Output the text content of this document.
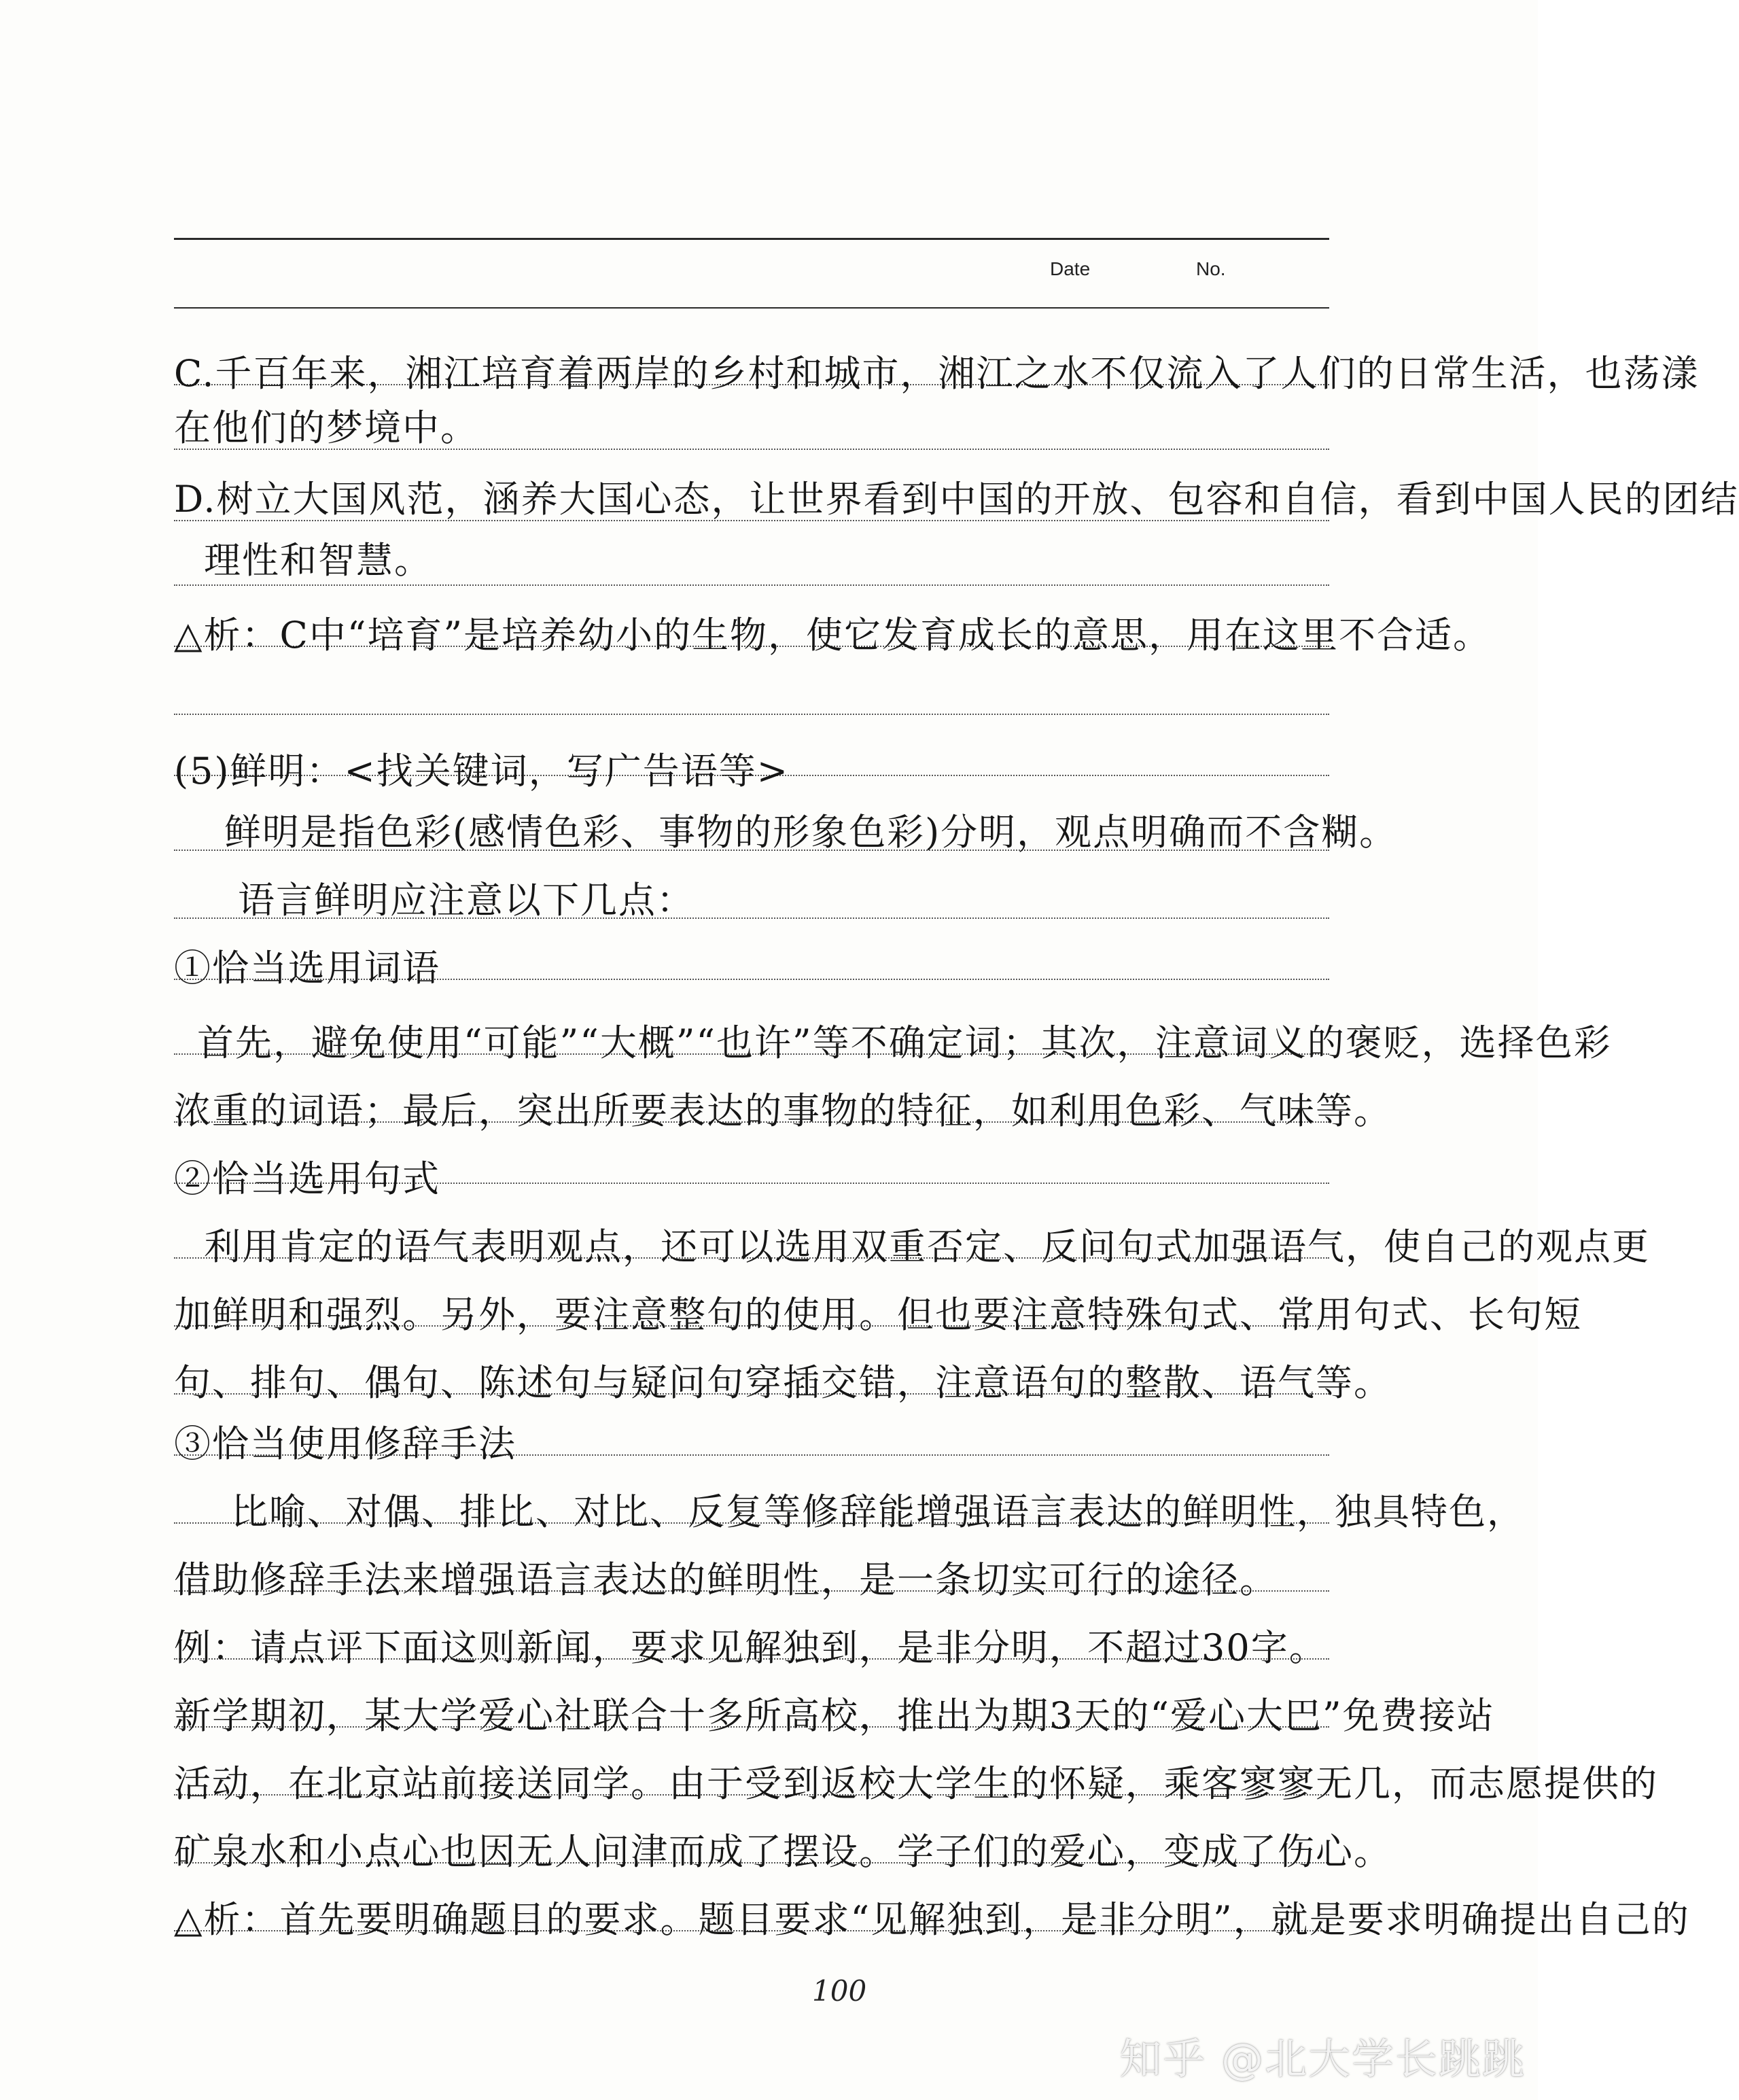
Date	No.
C.千百年来，湘江培育着两岸的乡村和城市，湘江之水不仅流入了人们的日常生活，也荡漾
在他们的梦境中。
D.树立大国风范，涵养大国心态，让世界看到中国的开放、包容和自信，看到中国人民的团结
理性和智慧。
△析：C中“培育”是培养幼小的生物，使它发育成长的意思，用在这里不合适。
(5)鲜明：<找关键词，写广告语等>
鲜明是指色彩(感情色彩、事物的形象色彩)分明，观点明确而不含糊。
语言鲜明应注意以下几点：
①恰当选用词语
首先，避免使用“可能”“大概”“也许”等不确定词；其次，注意词义的褒贬，选择色彩
浓重的词语；最后，突出所要表达的事物的特征，如利用色彩、气味等。
②恰当选用句式
利用肯定的语气表明观点，还可以选用双重否定、反问句式加强语气，使自己的观点更
加鲜明和强烈。另外，要注意整句的使用。但也要注意特殊句式、常用句式、长句短
句、排句、偶句、陈述句与疑问句穿插交错，注意语句的整散、语气等。
③恰当使用修辞手法
比喻、对偶、排比、对比、反复等修辞能增强语言表达的鲜明性，独具特色，
借助修辞手法来增强语言表达的鲜明性，是一条切实可行的途径。
例：请点评下面这则新闻，要求见解独到，是非分明，不超过30字。
新学期初，某大学爱心社联合十多所高校，推出为期3天的“爱心大巴”免费接站
活动，在北京站前接送同学。由于受到返校大学生的怀疑，乘客寥寥无几，而志愿提供的
矿泉水和小点心也因无人问津而成了摆设。学子们的爱心，变成了伤心。
△析：首先要明确题目的要求。题目要求“见解独到，是非分明”，就是要求明确提出自己的
100
知乎 @北大学长跳跳
